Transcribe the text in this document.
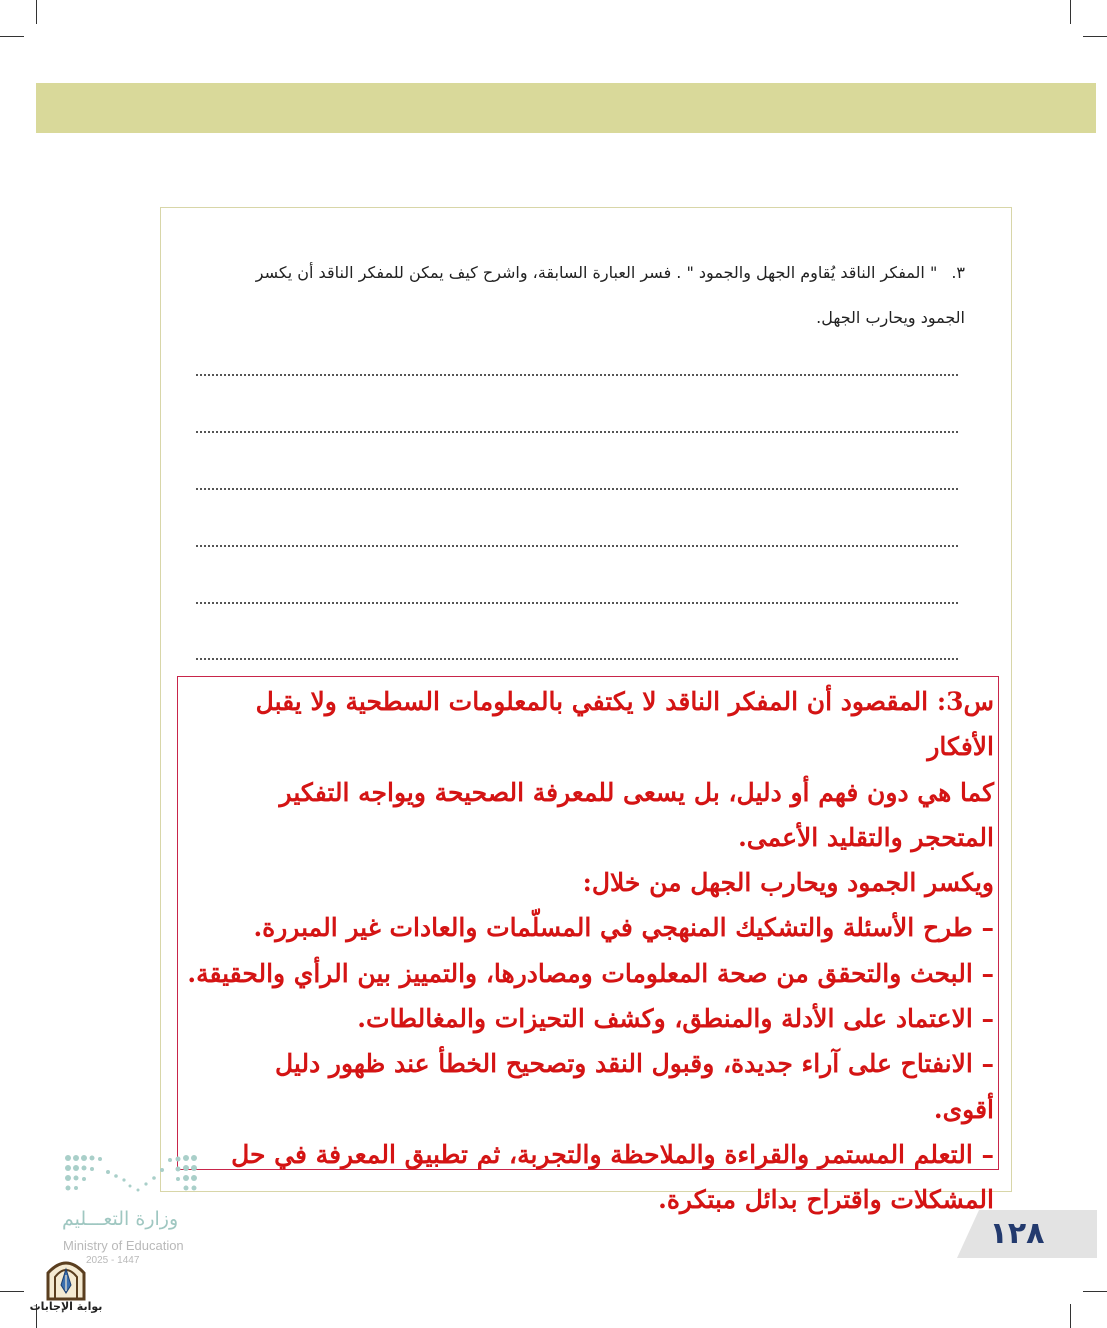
٣." المفكر الناقد يُقاوم الجهل والجمود " . فسر العبارة السابقة، واشرح كيف يمكن للمفكر الناقد أن يكسر
الجمود ويحارب الجهل.

س3: المقصود أن المفكر الناقد لا يكتفي بالمعلومات السطحية ولا يقبل الأفكار

كما هي دون فهم أو دليل، بل يسعى للمعرفة الصحيحة ويواجه التفكير

المتحجر والتقليد الأعمى.

ويكسر الجمود ويحارب الجهل من خلال:

– طرح الأسئلة والتشكيك المنهجي في المسلّمات والعادات غير المبررة.

– البحث والتحقق من صحة المعلومات ومصادرها، والتمييز بين الرأي والحقيقة.

– الاعتماد على الأدلة والمنطق، وكشف التحيزات والمغالطات.

– الانفتاح على آراء جديدة، وقبول النقد وتصحيح الخطأ عند ظهور دليل

أقوى.

– التعلم المستمر والقراءة والملاحظة والتجربة، ثم تطبيق المعرفة في حل

المشكلات واقتراح بدائل مبتكرة.

١٢٨
وزارة التعـــليم
Ministry of Education
2025 - 1447
بوابة الإجابات
